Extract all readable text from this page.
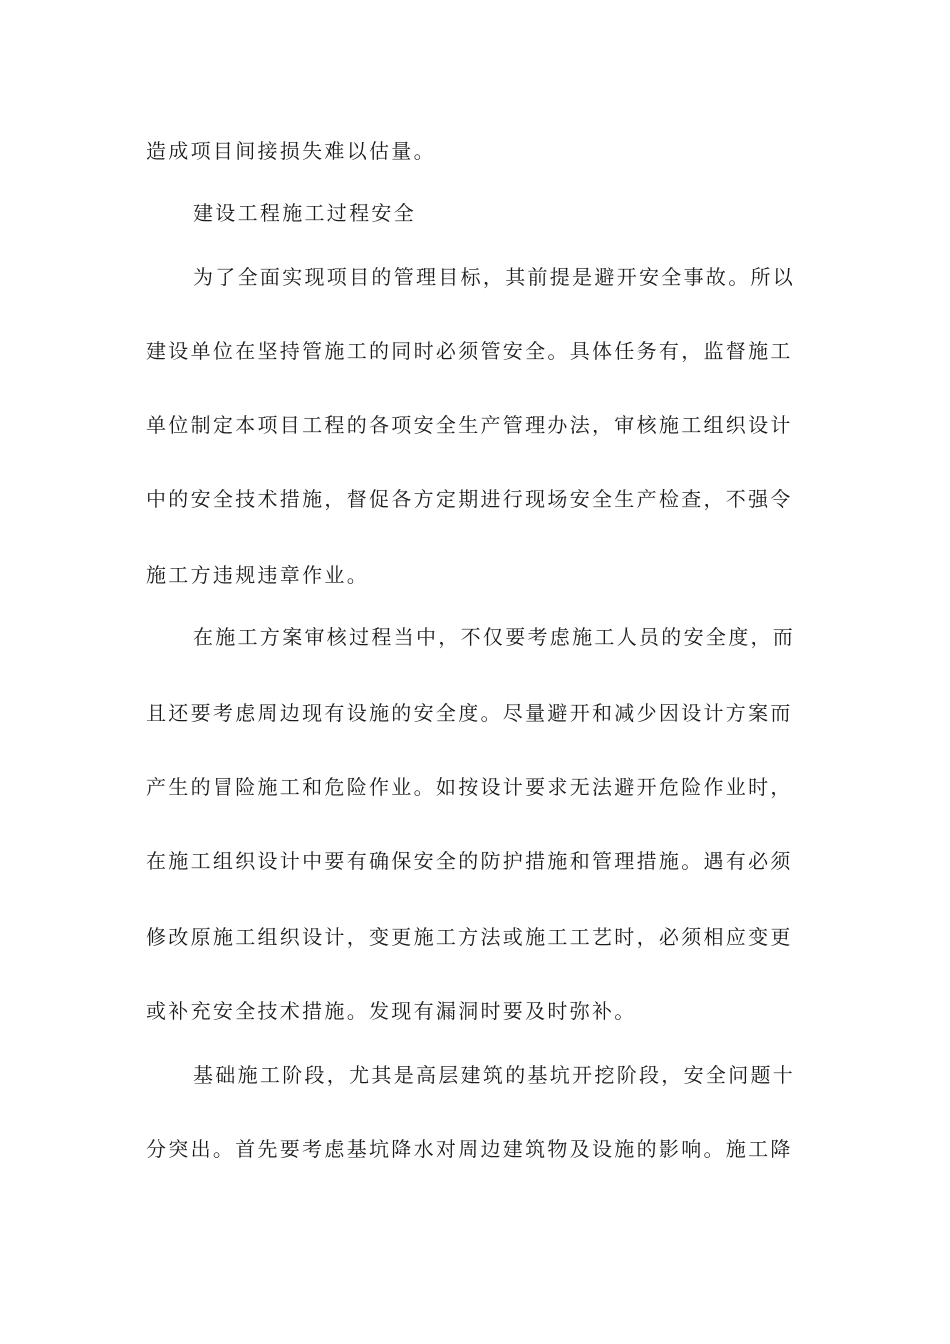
造成项目间接损失难以估量。
建设工程施工过程安全
为了全面实现项目的管理目标，其前提是避开安全事故。所以
建设单位在坚持管施工的同时必须管安全。具体任务有，监督施工
单位制定本项目工程的各项安全生产管理办法，审核施工组织设计
中的安全技术措施，督促各方定期进行现场安全生产检查，不强令
施工方违规违章作业。
在施工方案审核过程当中，不仅要考虑施工人员的安全度，而
且还要考虑周边现有设施的安全度。尽量避开和减少因设计方案而
产生的冒险施工和危险作业。如按设计要求无法避开危险作业时，
在施工组织设计中要有确保安全的防护措施和管理措施。遇有必须
修改原施工组织设计，变更施工方法或施工工艺时，必须相应变更
或补充安全技术措施。发现有漏洞时要及时弥补。
基础施工阶段，尤其是高层建筑的基坑开挖阶段，安全问题十
分突出。首先要考虑基坑降水对周边建筑物及设施的影响。施工降
